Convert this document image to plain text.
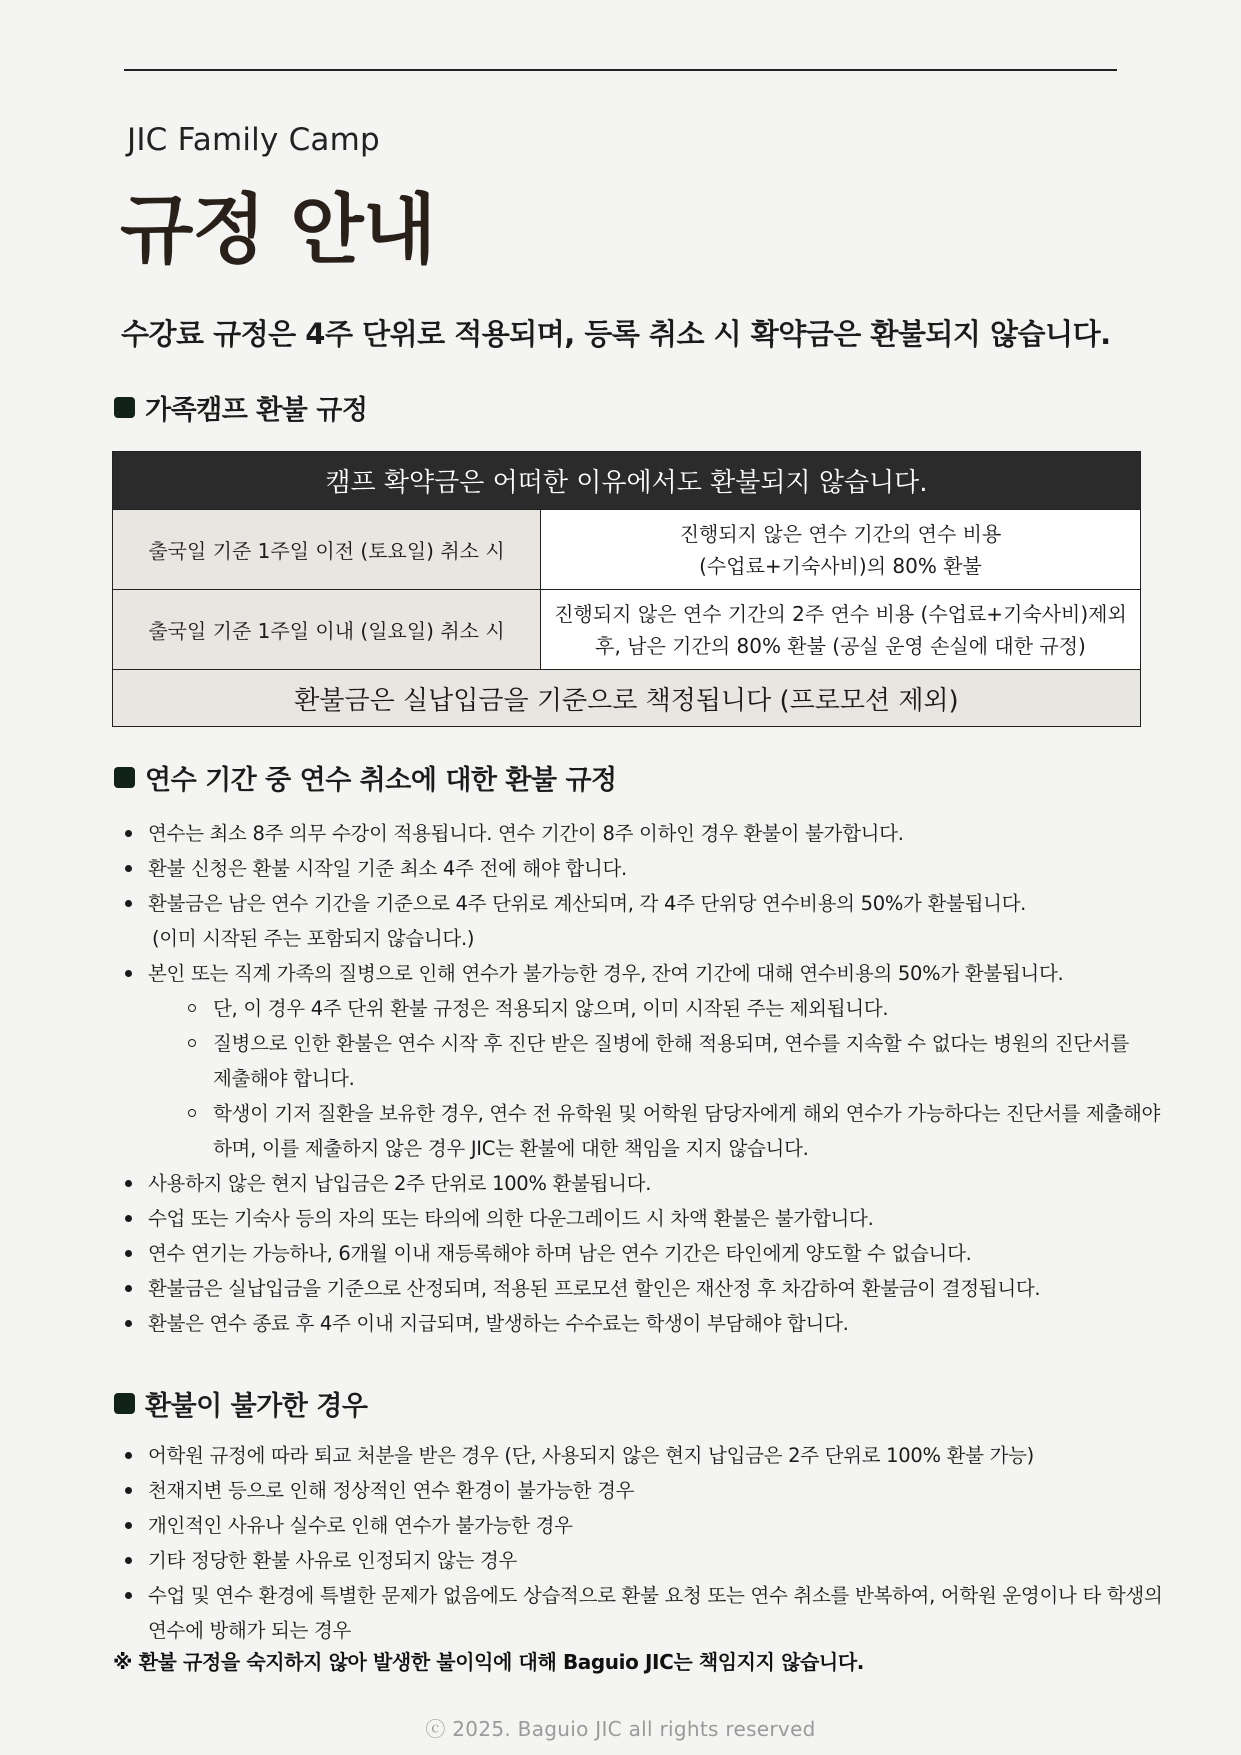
JIC Family Camp
규정 안내
수강료 규정은 4주 단위로 적용되며, 등록 취소 시 확약금은 환불되지 않습니다.
가족캠프 환불 규정
캠프 확약금은 어떠한 이유에서도 환불되지 않습니다.	
출국일 기준 1주일 이전 (토요일) 취소 시	진행되지 않은 연수 기간의 연수 비용
(수업료+기숙사비)의 80% 환불
출국일 기준 1주일 이내 (일요일) 취소 시	진행되지 않은 연수 기간의 2주 연수 비용 (수업료+기숙사비)제외
후, 남은 기간의 80% 환불 (공실 운영 손실에 대한 규정)
환불금은 실납입금을 기준으로 책정됩니다 (프로모션 제외)	
연수 기간 중 연수 취소에 대한 환불 규정
연수는 최소 8주 의무 수강이 적용됩니다. 연수 기간이 8주 이하인 경우 환불이 불가합니다.
환불 신청은 환불 시작일 기준 최소 4주 전에 해야 합니다.
환불금은 남은 연수 기간을 기준으로 4주 단위로 계산되며, 각 4주 단위당 연수비용의 50%가 환불됩니다.
(이미 시작된 주는 포함되지 않습니다.)
본인 또는 직계 가족의 질병으로 인해 연수가 불가능한 경우, 잔여 기간에 대해 연수비용의 50%가 환불됩니다.
단, 이 경우 4주 단위 환불 규정은 적용되지 않으며, 이미 시작된 주는 제외됩니다.
질병으로 인한 환불은 연수 시작 후 진단 받은 질병에 한해 적용되며, 연수를 지속할 수 없다는 병원의 진단서를
제출해야 합니다.
학생이 기저 질환을 보유한 경우, 연수 전 유학원 및 어학원 담당자에게 해외 연수가 가능하다는 진단서를 제출해야
하며, 이를 제출하지 않은 경우 JIC는 환불에 대한 책임을 지지 않습니다.
사용하지 않은 현지 납입금은 2주 단위로 100% 환불됩니다.
수업 또는 기숙사 등의 자의 또는 타의에 의한 다운그레이드 시 차액 환불은 불가합니다.
연수 연기는 가능하나, 6개월 이내 재등록해야 하며 남은 연수 기간은 타인에게 양도할 수 없습니다.
환불금은 실납입금을 기준으로 산정되며, 적용된 프로모션 할인은 재산정 후 차감하여 환불금이 결정됩니다.
환불은 연수 종료 후 4주 이내 지급되며, 발생하는 수수료는 학생이 부담해야 합니다.
환불이 불가한 경우
어학원 규정에 따라 퇴교 처분을 받은 경우 (단, 사용되지 않은 현지 납입금은 2주 단위로 100% 환불 가능)
천재지변 등으로 인해 정상적인 연수 환경이 불가능한 경우
개인적인 사유나 실수로 인해 연수가 불가능한 경우
기타 정당한 환불 사유로 인정되지 않는 경우
수업 및 연수 환경에 특별한 문제가 없음에도 상습적으로 환불 요청 또는 연수 취소를 반복하여, 어학원 운영이나 타 학생의
연수에 방해가 되는 경우
※ 환불 규정을 숙지하지 않아 발생한 불이익에 대해 Baguio JIC는 책임지지 않습니다.
ⓒ 2025. Baguio JIC all rights reserved
